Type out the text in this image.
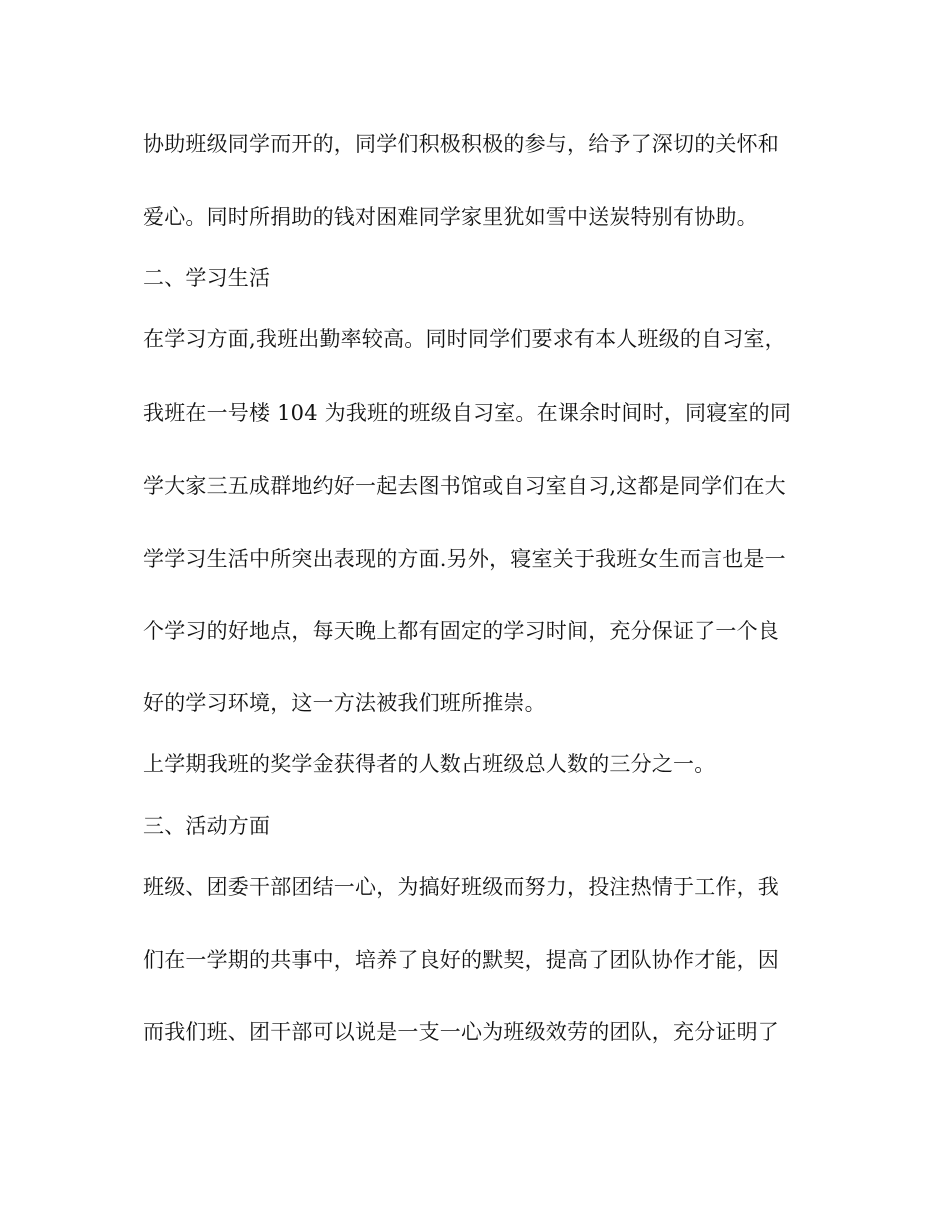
协助班级同学而开的，同学们积极积极的参与，给予了深切的关怀和
爱心。同时所捐助的钱对困难同学家里犹如雪中送炭特别有协助。
二、学习生活
在学习方面,我班出勤率较高。同时同学们要求有本人班级的自习室，
我班在一号楼 104 为我班的班级自习室。在课余时间时，同寝室的同
学大家三五成群地约好一起去图书馆或自习室自习,这都是同学们在大
学学习生活中所突出表现的方面.另外，寝室关于我班女生而言也是一
个学习的好地点，每天晚上都有固定的学习时间，充分保证了一个良
好的学习环境，这一方法被我们班所推崇。
上学期我班的奖学金获得者的人数占班级总人数的三分之一。
三、活动方面
班级、团委干部团结一心，为搞好班级而努力，投注热情于工作，我
们在一学期的共事中，培养了良好的默契，提高了团队协作才能，因
而我们班、团干部可以说是一支一心为班级效劳的团队，充分证明了
